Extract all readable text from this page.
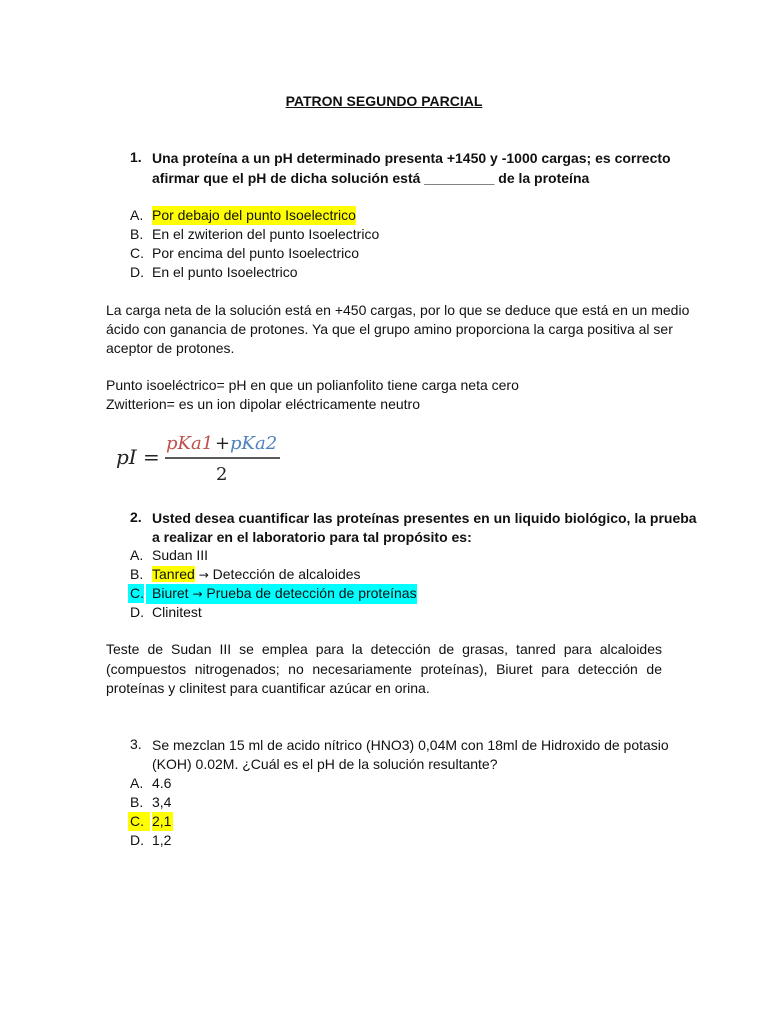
PATRON SEGUNDO PARCIAL
1. Una proteína a un pH determinado presenta +1450 y -1000 cargas; es correcto
afirmar que el pH de dicha solución está _________ de la proteína
A. Por debajo del punto Isoelectrico
B. En el zwiterion del punto Isoelectrico
C. Por encima del punto Isoelectrico
D. En el punto Isoelectrico
La carga neta de la solución está en +450 cargas, por lo que se deduce que está en un medio
ácido con ganancia de protones. Ya que el grupo amino proporciona la carga positiva al ser
aceptor de protones.
Punto isoeléctrico= pH en que un polianfolito tiene carga neta cero
Zwitterion= es un ion dipolar eléctricamente neutro
pI =
pKa1 + pKa2
2
2. Usted desea cuantificar las proteínas presentes en un liquido biológico, la prueba
a realizar en el laboratorio para tal propósito es:
A. Sudan III
B. Tanred → Detección de alcaloides
C. Biuret → Prueba de detección de proteínas
D. Clinitest
Teste de Sudan III se emplea para la detección de grasas, tanred para alcaloides
(compuestos nitrogenados; no necesariamente proteínas), Biuret para detección de
proteínas y clinitest para cuantificar azúcar en orina.
3. Se mezclan 15 ml de acido nítrico (HNO3) 0,04M con 18ml de Hidroxido de potasio
(KOH) 0.02M. ¿Cuál es el pH de la solución resultante?
A. 4.6
B. 3,4
C. 2,1
D. 1,2
